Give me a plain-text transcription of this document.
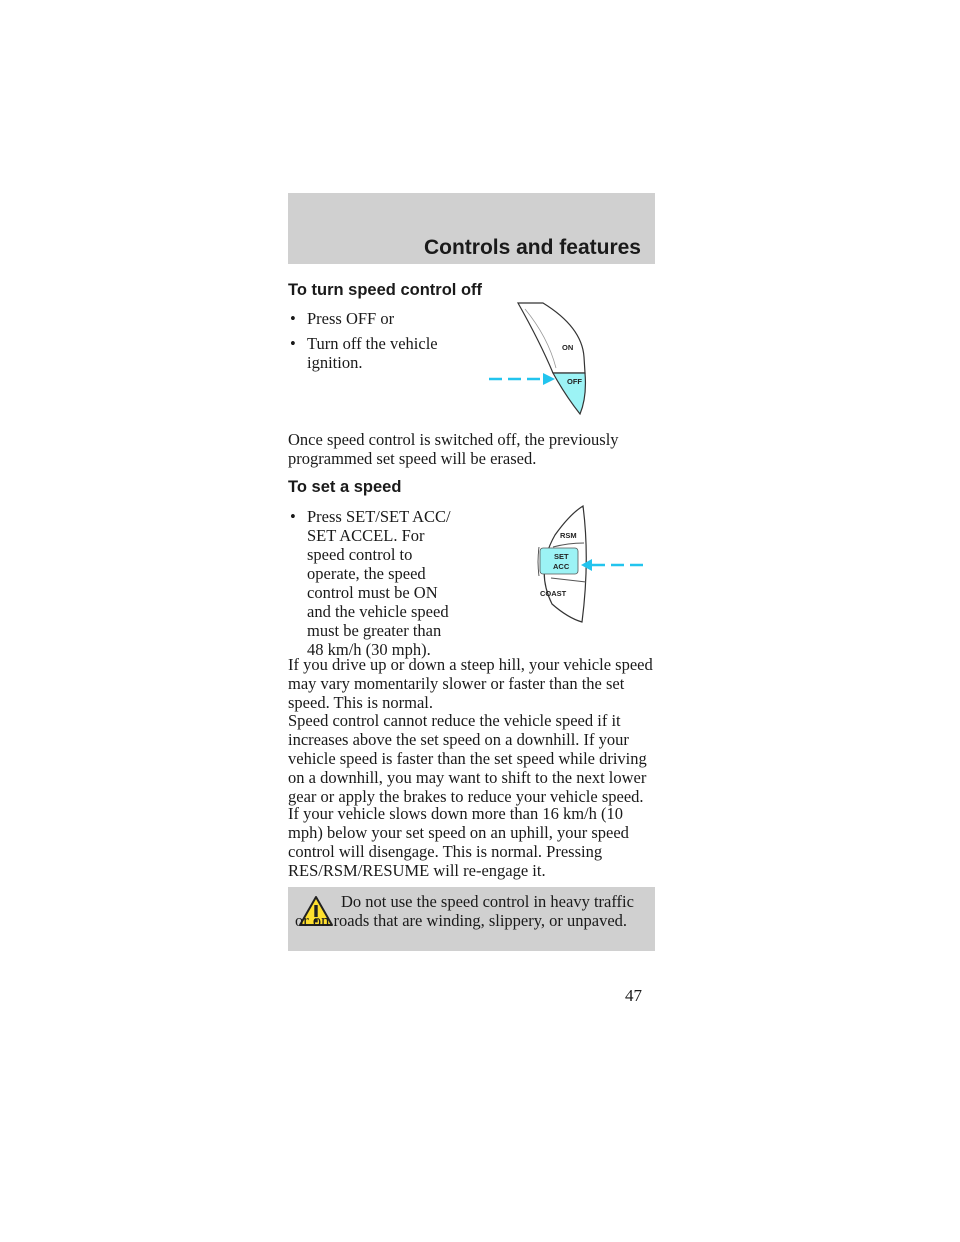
Controls and features
To turn speed control off
• Press OFF or
• Turn off the vehicle ignition.
ON
OFF
Once speed control is switched off, the previously programmed set speed will be erased.
To set a speed
• Press SET/SET ACC/ SET ACCEL. For speed control to operate, the speed control must be ON and the vehicle speed must be greater than 48 km/h (30 mph).
RSM
SET
ACC
COAST
If you drive up or down a steep hill, your vehicle speed may vary momentarily slower or faster than the set speed. This is normal.
Speed control cannot reduce the vehicle speed if it increases above the set speed on a downhill. If your vehicle speed is faster than the set speed while driving on a downhill, you may want to shift to the next lower gear or apply the brakes to reduce your vehicle speed.
If your vehicle slows down more than 16 km/h (10 mph) below your set speed on an uphill, your speed control will disengage. This is normal. Pressing RES/RSM/RESUME will re-engage it.
Do not use the speed control in heavy traffic or on roads that are winding, slippery, or unpaved.
47
